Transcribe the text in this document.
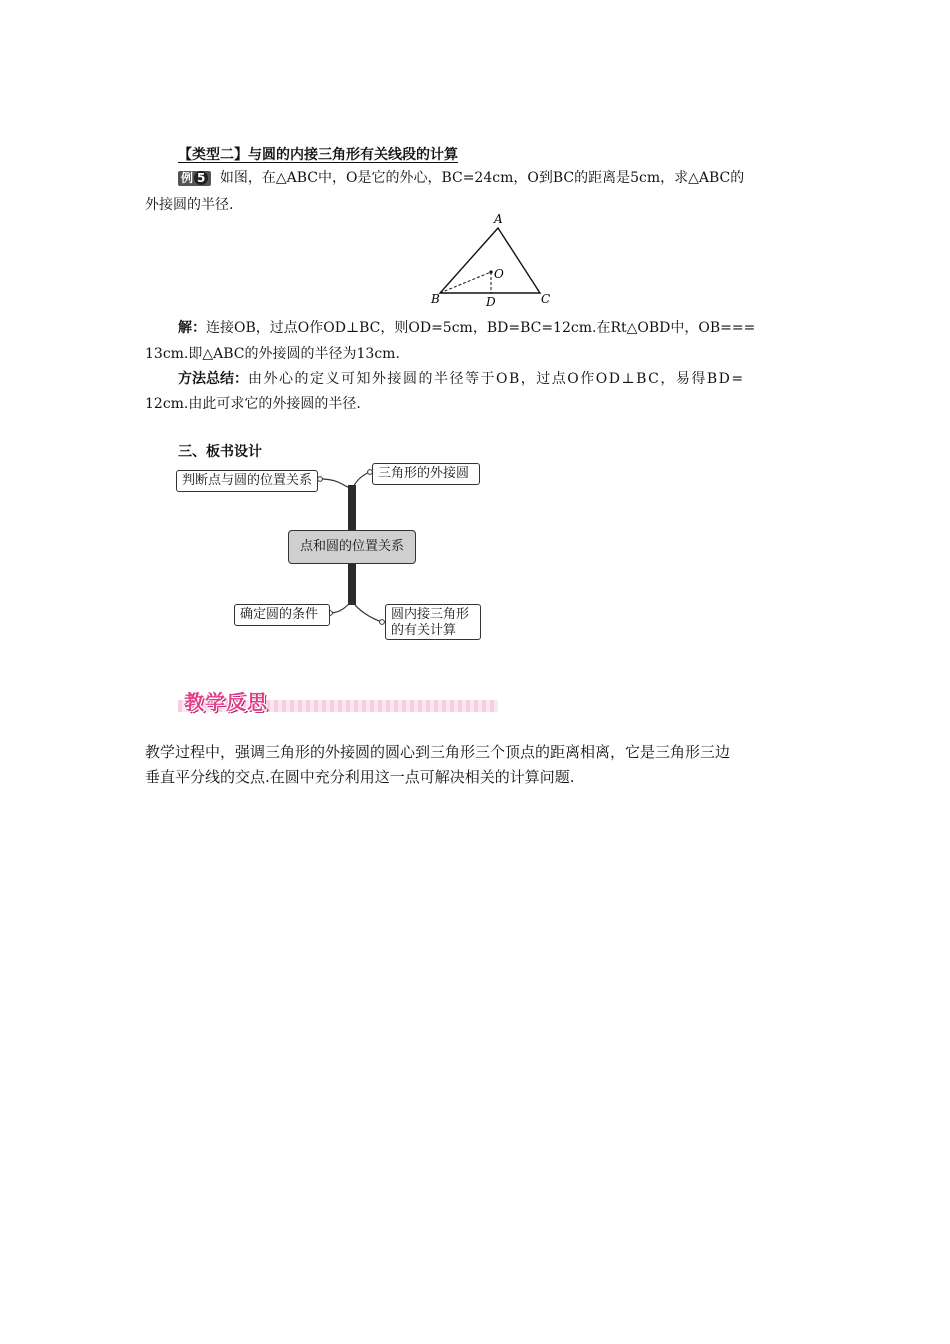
【类型二】与圆的内接三角形有关线段的计算
例 5 如图，在△ABC中，O是它的外心，BC=24cm，O到BC的距离是5cm，求△ABC的
外接圆的半径.
A
O
B	D	C
解：连接OB，过点O作OD⊥BC，则OD=5cm，BD=BC=12cm.在Rt△OBD中，OB===
13cm.即△ABC的外接圆的半径为13cm.
方法总结：由外心的定义可知外接圆的半径等于OB，过点O作OD⊥BC，易得BD=
12cm.由此可求它的外接圆的半径.
三、板书设计
判断点与圆的位置关系	三角形的外接圆
点和圆的位置关系
确定圆的条件	圆内接三角形
的有关计算
教学反思
教学过程中，强调三角形的外接圆的圆心到三角形三个顶点的距离相离，它是三角形三边
垂直平分线的交点.在圆中充分利用这一点可解决相关的计算问题.
